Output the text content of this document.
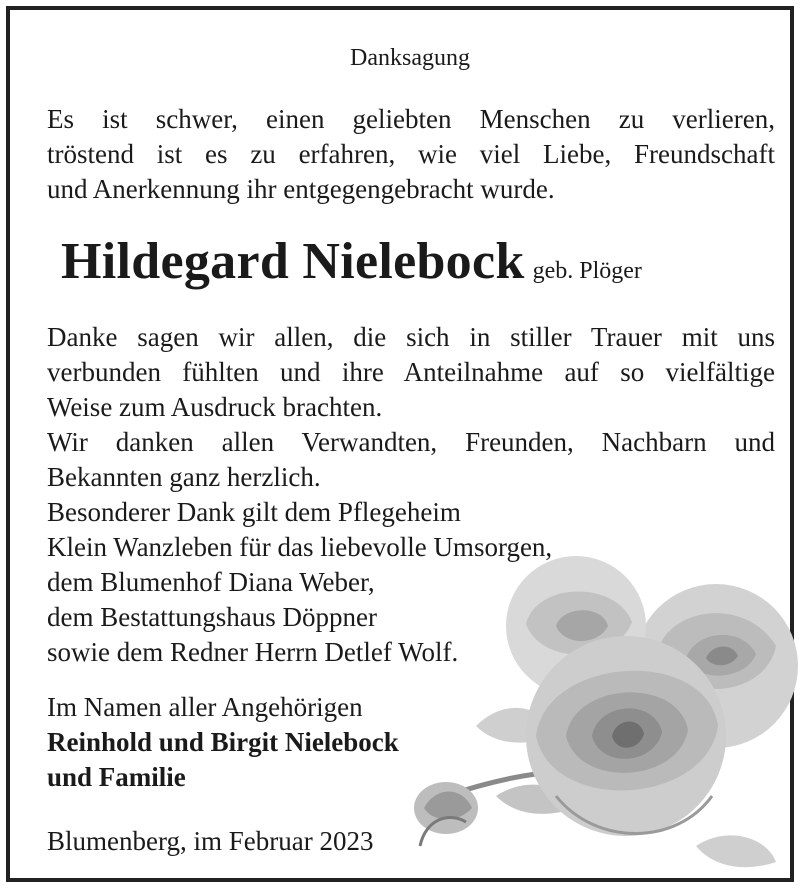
Danksagung

Es ist schwer, einen geliebten Menschen zu verlieren,
tröstend ist es zu erfahren, wie viel Liebe, Freundschaft
und Anerkennung ihr entgegengebracht wurde.

Hildegard Nielebock geb. Plöger

Danke sagen wir allen, die sich in stiller Trauer mit uns
verbunden fühlten und ihre Anteilnahme auf so vielfältige
Weise zum Ausdruck brachten.
Wir danken allen Verwandten, Freunden, Nachbarn und
Bekannten ganz herzlich.
Besonderer Dank gilt dem Pflegeheim
Klein Wanzleben für das liebevolle Umsorgen,
dem Blumenhof Diana Weber,
dem Bestattungshaus Döppner
sowie dem Redner Herrn Detlef Wolf.

Im Namen aller Angehörigen
Reinhold und Birgit Nielebock
und Familie

Blumenberg, im Februar 2023
